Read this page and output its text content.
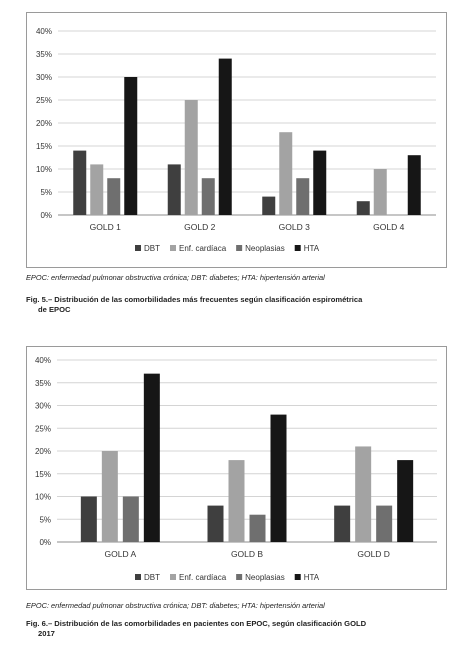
0%
5%
10%
15%
20%
25%
30%
35%
40%
GOLD 1	GOLD 2	GOLD 3	GOLD 4
DBT Enf. cardíaca Neoplasias HTA
EPOC: enfermedad pulmonar obstructiva crónica; DBT: diabetes; HTA: hipertensión arterial
Fig. 5.– Distribución de las comorbilidades más frecuentes según clasificación espirométrica
de EPOC
0%
5%
10%
15%
20%
25%
30%
35%
40%
GOLD A	GOLD B	GOLD D
DBT Enf. cardíaca Neoplasias HTA
EPOC: enfermedad pulmonar obstructiva crónica; DBT: diabetes; HTA: hipertensión arterial
Fig. 6.– Distribución de las comorbilidades en pacientes con EPOC, según clasificación GOLD
2017
